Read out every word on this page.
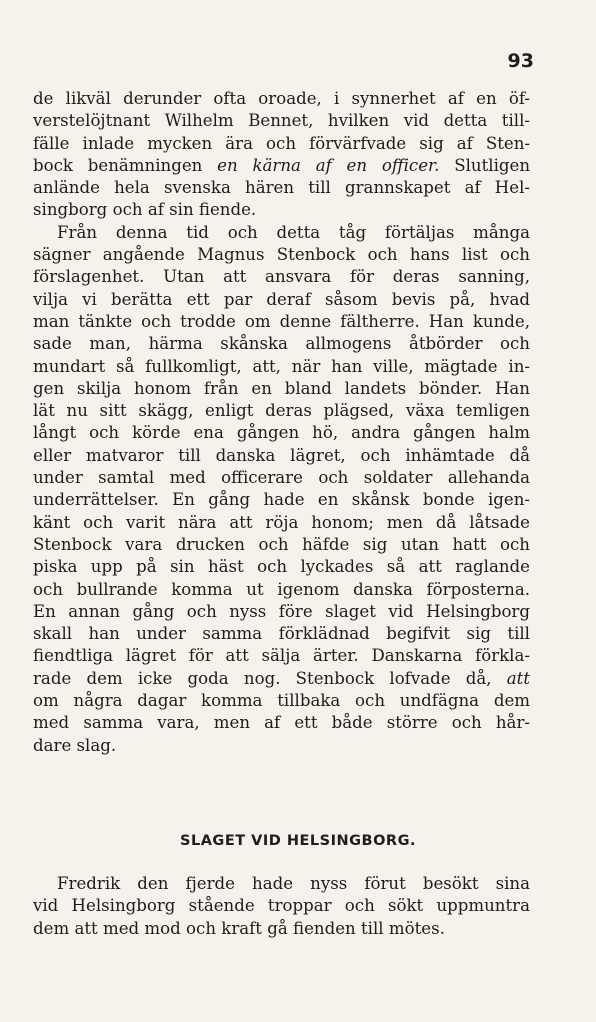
93
de likväl derunder ofta oroade, i synnerhet af en öf-
verstelöjtnant Wilhelm Bennet, hvilken vid detta till-
fälle inlade mycken ära och förvärfvade sig af Sten-
bock benämningen en kärna af en officer. Slutligen
anlände hela svenska hären till grannskapet af Hel-
singborg och af sin fiende.
Från denna tid och detta tåg förtäljas många
sägner angående Magnus Stenbock och hans list och
förslagenhet. Utan att ansvara för deras sanning,
vilja vi berätta ett par deraf såsom bevis på, hvad
man tänkte och trodde om denne fältherre. Han kunde,
sade man, härma skånska allmogens åtbörder och
mundart så fullkomligt, att, när han ville, mägtade in-
gen skilja honom från en bland landets bönder. Han
lät nu sitt skägg, enligt deras plägsed, växa temligen
långt och körde ena gången hö, andra gången halm
eller matvaror till danska lägret, och inhämtade då
under samtal med officerare och soldater allehanda
underrättelser. En gång hade en skånsk bonde igen-
känt och varit nära att röja honom; men då låtsade
Stenbock vara drucken och häfde sig utan hatt och
piska upp på sin häst och lyckades så att raglande
och bullrande komma ut igenom danska förposterna.
En annan gång och nyss före slaget vid Helsingborg
skall han under samma förklädnad begifvit sig till
fiendtliga lägret för att sälja ärter. Danskarna förkla-
rade dem icke goda nog. Stenbock lofvade då, att
om några dagar komma tillbaka och undfägna dem
med samma vara, men af ett både större och hår-
dare slag.
SLAGET VID HELSINGBORG.
Fredrik den fjerde hade nyss förut besökt sina
vid Helsingborg stående troppar och sökt uppmuntra
dem att med mod och kraft gå fienden till mötes.
